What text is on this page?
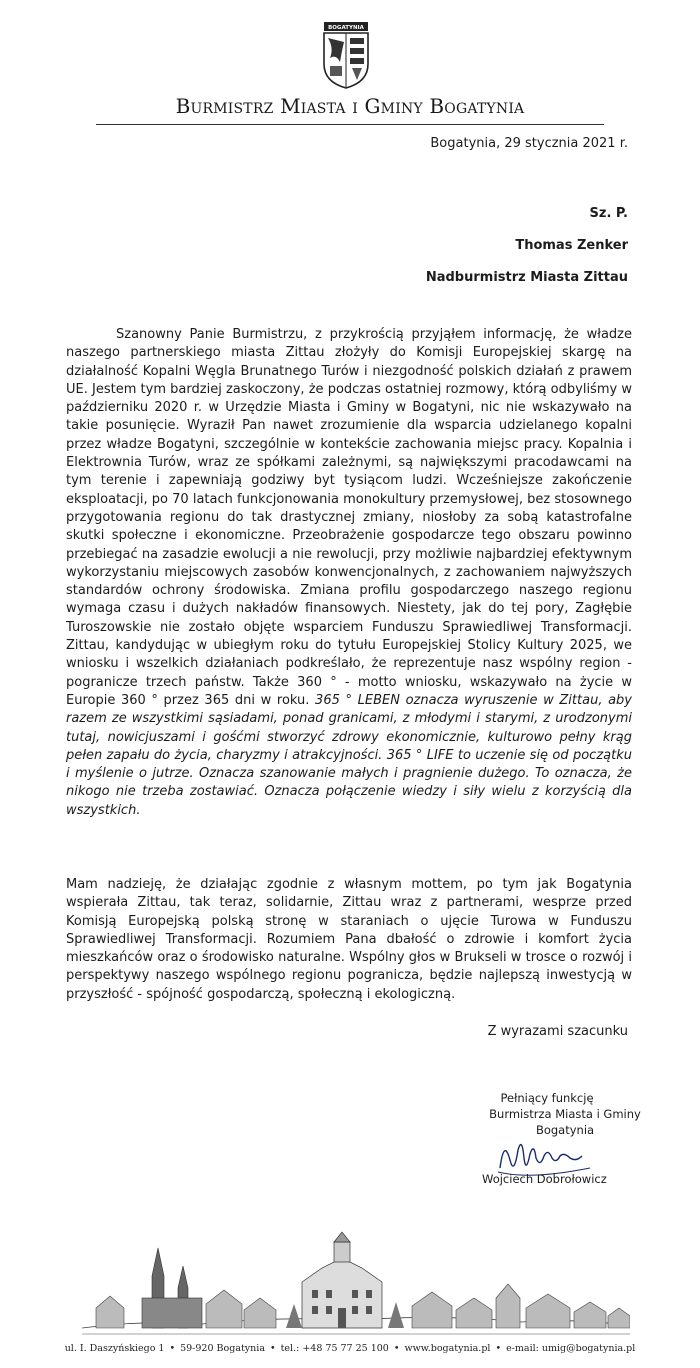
BOGATYNIA
Burmistrz Miasta i Gminy Bogatynia
Bogatynia, 29 stycznia 2021 r.
Sz. P.
Thomas Zenker
Nadburmistrz Miasta Zittau
Szanowny Panie Burmistrzu, z przykrością przyjąłem informację, że władze naszego partnerskiego miasta Zittau złożyły do Komisji Europejskiej skargę na działalność Kopalni Węgla Brunatnego Turów i niezgodność polskich działań z prawem UE. Jestem tym bardziej zaskoczony, że podczas ostatniej rozmowy, którą odbyliśmy w październiku 2020 r. w Urzędzie Miasta i Gminy w Bogatyni, nic nie wskazywało na takie posunięcie. Wyraził Pan nawet zrozumienie dla wsparcia udzielanego kopalni przez władze Bogatyni, szczególnie w kontekście zachowania miejsc pracy. Kopalnia i Elektrownia Turów, wraz ze spółkami zależnymi, są największymi pracodawcami na tym terenie i zapewniają godziwy byt tysiącom ludzi. Wcześniejsze zakończenie eksploatacji, po 70 latach funkcjonowania monokultury przemysłowej, bez stosownego przygotowania regionu do tak drastycznej zmiany, niosłoby za sobą katastrofalne skutki społeczne i ekonomiczne. Przeobrażenie gospodarcze tego obszaru powinno przebiegać na zasadzie ewolucji a nie rewolucji, przy możliwie najbardziej efektywnym wykorzystaniu miejscowych zasobów konwencjonalnych, z zachowaniem najwyższych standardów ochrony środowiska. Zmiana profilu gospodarczego naszego regionu wymaga czasu i dużych nakładów finansowych. Niestety, jak do tej pory, Zagłębie Turoszowskie nie zostało objęte wsparciem Funduszu Sprawiedliwej Transformacji. Zittau, kandydując w ubiegłym roku do tytułu Europejskiej Stolicy Kultury 2025, we wniosku i wszelkich działaniach podkreślało, że reprezentuje nasz wspólny region - pogranicze trzech państw. Także 360 ° - motto wniosku, wskazywało na życie w Europie 360 ° przez 365 dni w roku. 365 ° LEBEN oznacza wyruszenie w Zittau, aby razem ze wszystkimi sąsiadami, ponad granicami, z młodymi i starymi, z urodzonymi tutaj, nowicjuszami i gośćmi stworzyć zdrowy ekonomicznie, kulturowo pełny krąg pełen zapału do życia, charyzmy i atrakcyjności. 365 ° LIFE to uczenie się od początku i myślenie o jutrze. Oznacza szanowanie małych i pragnienie dużego. To oznacza, że nikogo nie trzeba zostawiać. Oznacza połączenie wiedzy i siły wielu z korzyścią dla wszystkich.
Mam nadzieję, że działając zgodnie z własnym mottem, po tym jak Bogatynia wspierała Zittau, tak teraz, solidarnie, Zittau wraz z partnerami, wesprze przed Komisją Europejską polską stronę w staraniach o ujęcie Turowa w Funduszu Sprawiedliwej Transformacji. Rozumiem Pana dbałość o zdrowie i komfort życia mieszkańców oraz o środowisko naturalne. Wspólny głos w Brukseli w trosce o rozwój i perspektywy naszego wspólnego regionu pogranicza, będzie najlepszą inwestycją w przyszłość - spójność gospodarczą, społeczną i ekologiczną.
Z wyrazami szacunku
Pełniący funkcję
Burmistrza Miasta i Gminy
Bogatynia
Wojciech Dobrołowicz
ul. I. Daszyńskiego 1 • 59-920 Bogatynia • tel.: +48 75 77 25 100 • www.bogatynia.pl • e-mail: umig@bogatynia.pl
